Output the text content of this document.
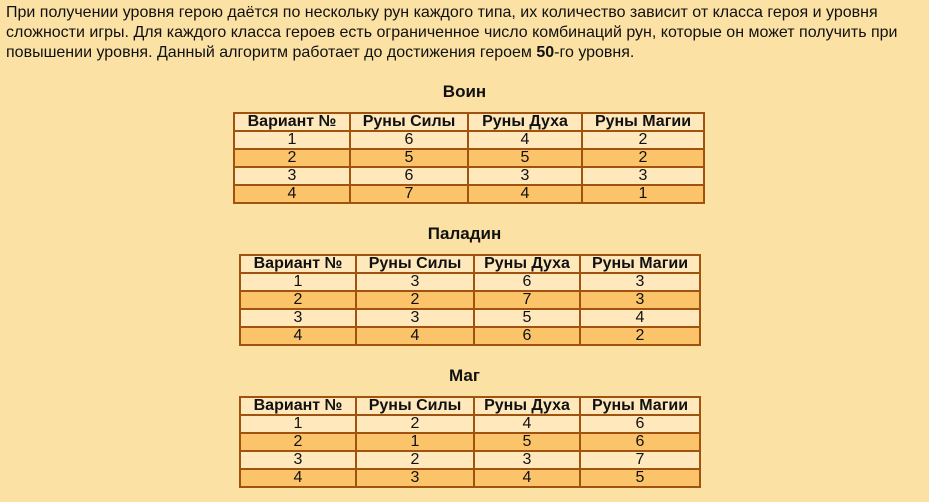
При получении уровня герою даётся по нескольку рун каждого типа, их количество зависит от класса героя и уровня сложности игры. Для каждого класса героев есть ограниченное число комбинаций рун, которые он может получить при повышении уровня. Данный алгоритм работает до достижения героем 50-го уровня.

Воин
Вариант №	Руны Силы	Руны Духа	Руны Магии
1	6	4	2
2	5	5	2
3	6	3	3
4	7	4	1
Паладин
Вариант №	Руны Силы	Руны Духа	Руны Магии
1	3	6	3
2	2	7	3
3	3	5	4
4	4	6	2
Маг
Вариант №	Руны Силы	Руны Духа	Руны Магии
1	2	4	6
2	1	5	6
3	2	3	7
4	3	4	5
